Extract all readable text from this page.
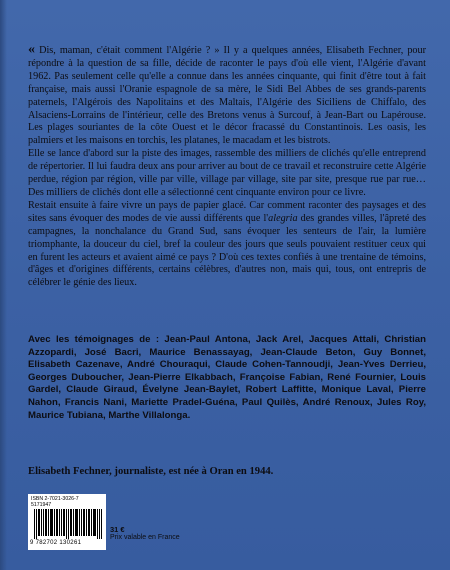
« Dis, maman, c'était comment l'Algérie ? » Il y a quelques années, Elisabeth Fechner, pour répondre à la question de sa fille, décide de raconter le pays d'où elle vient, l'Algérie d'avant 1962. Pas seulement celle qu'elle a connue dans les années cinquante, qui finit d'être tout à fait française, mais aussi l'Oranie espagnole de sa mère, le Sidi Bel Abbes de ses grands-parents paternels, l'Algérois des Napolitains et des Maltais, l'Algérie des Siciliens de Chiffalo, des Alsaciens-Lorrains de l'intérieur, celle des Bretons venus à Surcouf, à Jean-Bart ou Lapérouse. Les plages souriantes de la côte Ouest et le décor fracassé du Constantinois. Les oasis, les palmiers et les maisons en torchis, les platanes, le macadam et les bistrots.

Elle se lance d'abord sur la piste des images, rassemble des milliers de clichés qu'elle entreprend de répertorier. Il lui faudra deux ans pour arriver au bout de ce travail et reconstruire cette Algérie perdue, région par région, ville par ville, village par village, site par site, presque rue par rue… Des milliers de clichés dont elle a sélectionné cent cinquante environ pour ce livre.

Restait ensuite à faire vivre un pays de papier glacé. Car comment raconter des paysages et des sites sans évoquer des modes de vie aussi différents que l'alegria des grandes villes, l'âpreté des campagnes, la nonchalance du Grand Sud, sans évoquer les senteurs de l'air, la lumière triomphante, la douceur du ciel, bref la couleur des jours que seuls pouvaient restituer ceux qui en furent les acteurs et avaient aimé ce pays ? D'où ces textes confiés à une trentaine de témoins, d'âges et d'origines différents, certains célèbres, d'autres non, mais qui, tous, ont entrepris de célébrer le génie des lieux.

Avec les témoignages de : Jean-Paul Antona, Jack Arel, Jacques Attali, Christian Azzopardi, José Bacri, Maurice Benassayag, Jean-Claude Beton, Guy Bonnet, Elisabeth Cazenave, André Chouraqui, Claude Cohen-Tannoudji, Jean-Yves Derrieu, Georges Duboucher, Jean-Pierre Elkabbach, Françoise Fabian, René Fournier, Louis Gardel, Claude Giraud, Évelyne Jean-Baylet, Robert Laffitte, Monique Laval, Pierre Nahon, Francis Nani, Mariette Pradel-Guéna, Paul Quilès, André Renoux, Jules Roy, Maurice Tubiana, Marthe Villalonga.
Elisabeth Fechner, journaliste, est née à Oran en 1944.
ISBN 2-7021-3026-7
5171947
9 782702 130261
31 €
Prix valable en France
